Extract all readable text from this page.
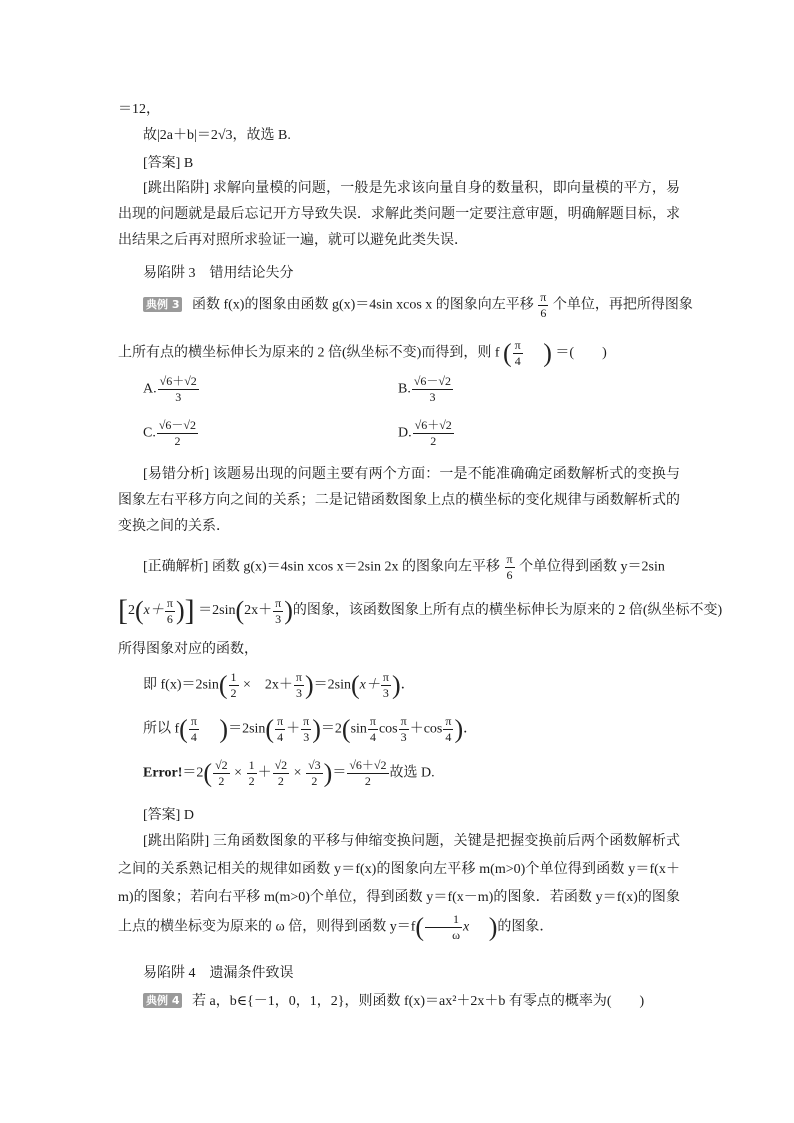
＝12，
故|2a＋b|＝2√3，故选 B.
[答案] B
[跳出陷阱] 求解向量模的问题，一般是先求该向量自身的数量积，即向量模的平方，易出现的问题就是最后忘记开方导致失误．求解此类问题一定要注意审题，明确解题目标，求出结果之后再对照所求验证一遍，就可以避免此类失误．
易陷阱 3　错用结论失分
典例 3 函数 f(x)的图象由函数 g(x)＝4sin xcos x 的图象向左平移 $\frac{\pi}{6}$ 个单位，再把所得图象
上所有点的横坐标伸长为原来的 2 倍(纵坐标不变)而得到，则 f ( $\frac{\pi}{4}$ ) ＝(　　)
A. $\frac{√6+√2}{3}$	B. $\frac{√6-√2}{3}$
C. $\frac{√6-√2}{2}$	D. $\frac{√6+√2}{2}$
[易错分析] 该题易出现的问题主要有两个方面：一是不能准确确定函数解析式的变换与图象左右平移方向之间的关系；二是记错函数图象上点的横坐标的变化规律与函数解析式的变换之间的关系．
[正确解析] 函数 g(x)＝4sin xcos x＝2sin 2x 的图象向左平移 $\frac{\pi}{6}$ 个单位得到函数 y＝2sin
[$2(x+ \frac{\pi}{6}$ )] $=2\sin(2x+ \frac{\pi}{3}$ )的图象，该函数图象上所有点的横坐标伸长为原来的 2 倍(纵坐标不变)
所得图象对应的函数，
即 $f(x)=2\sin( \frac{1}{2}$ ×　$2x+ \frac{\pi}{3} )=2\sin(x+ \frac{\pi}{3}$ )．
所以 $f( \frac{\pi}{4} )=2\sin( \frac{\pi}{4} + \frac{\pi}{3} )=2(\sin \frac{\pi}{4}$ $\cos \frac{\pi}{3} +\cos \frac{\pi}{4}$ )．
Error!＝2( $\frac{√2}{2} \times \frac{1}{2} + \frac{√2}{2} \times \frac{√3}{2}$ )＝ $\frac{√6+√2}{2}$ 故选 D.
[答案] D
[跳出陷阱] 三角函数图象的平移与伸缩变换问题，关键是把握变换前后两个函数解析式之间的关系熟记相关的规律如函数 y＝f(x)的图象向左平移 m(m>0)个单位得到函数 y＝f(x＋m)的图象；若向右平移 m(m>0)个单位，得到函数 y＝f(x－m)的图象．若函数 y＝f(x)的图象上点的横坐标变为原来的 ω 倍，则得到函数 $y=f( \frac{1}{\omega}$ x   )的图象．
易陷阱 4　遗漏条件致误
典例 4 若 a，b∈{－1，0，1，2}，则函数 f(x)＝ax²＋2x＋b 有零点的概率为(　　)
